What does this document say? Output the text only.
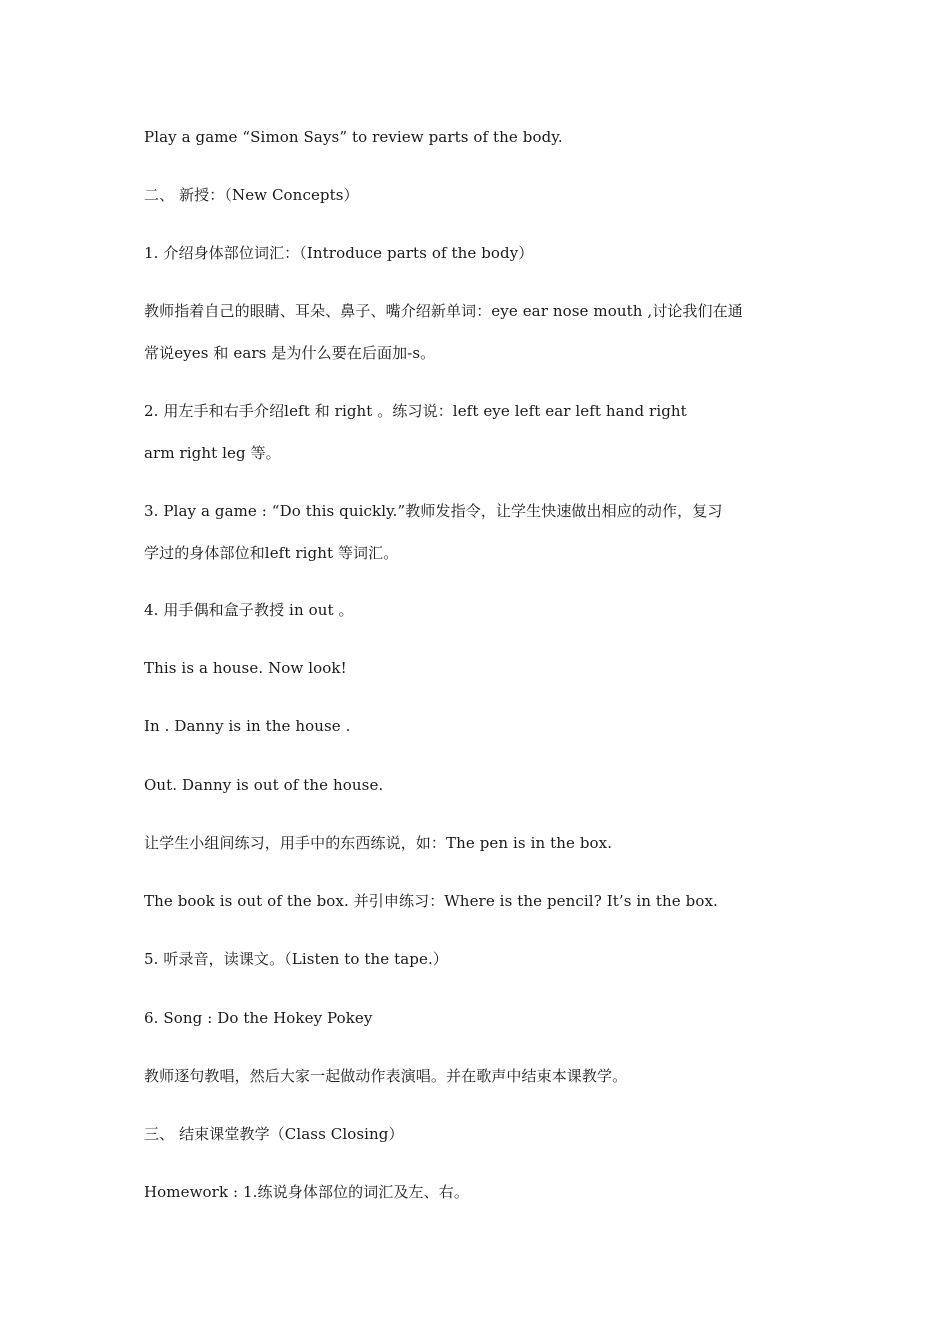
Play a game “Simon Says” to review parts of the body.

二、 新授：（New Concepts）

1. 介绍身体部位词汇：（Introduce parts of the body）

教师指着自己的眼睛、耳朵、鼻子、嘴介绍新单词：eye ear nose mouth ,讨论我们在通

常说eyes 和 ears 是为什么要在后面加-s。

2. 用左手和右手介绍left 和 right 。练习说：left eye left ear left hand right

arm right leg 等。

3. Play a game : “Do this quickly.”教师发指令，让学生快速做出相应的动作，复习

学过的身体部位和left right 等词汇。

4. 用手偶和盒子教授 in out 。

This is a house. Now look!

In . Danny is in the house .

Out. Danny is out of the house.

让学生小组间练习，用手中的东西练说，如：The pen is in the box.

The book is out of the box. 并引申练习：Where is the pencil? It’s in the box.

5. 听录音，读课文。（Listen to the tape.）

6. Song : Do the Hokey Pokey

教师逐句教唱，然后大家一起做动作表演唱。并在歌声中结束本课教学。

三、 结束课堂教学（Class Closing）

Homework : 1.练说身体部位的词汇及左、右。
